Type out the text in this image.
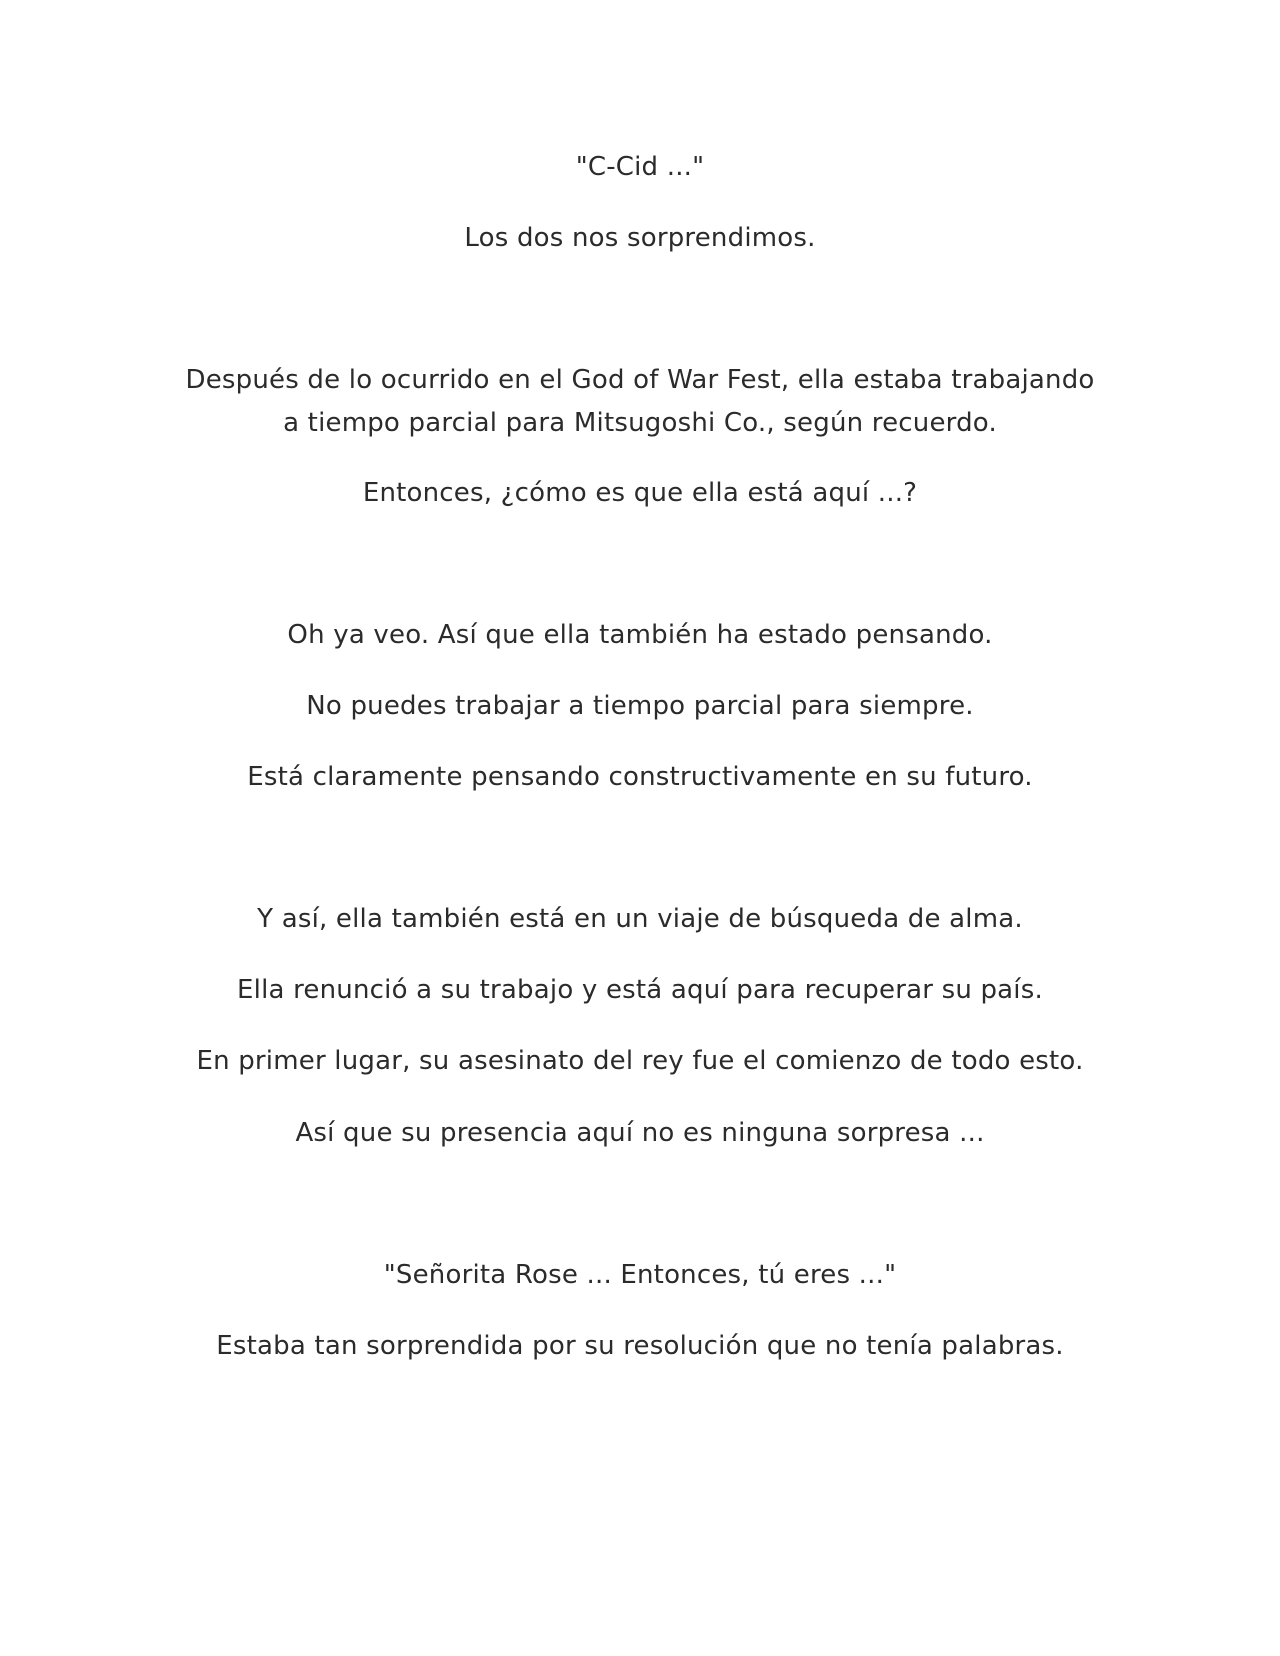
"C-Cid ..."

Los dos nos sorprendimos.

Después de lo ocurrido en el God of War Fest, ella estaba trabajando
a tiempo parcial para Mitsugoshi Co., según recuerdo.

Entonces, ¿cómo es que ella está aquí ...?

Oh ya veo. Así que ella también ha estado pensando.

No puedes trabajar a tiempo parcial para siempre.

Está claramente pensando constructivamente en su futuro.

Y así, ella también está en un viaje de búsqueda de alma.

Ella renunció a su trabajo y está aquí para recuperar su país.

En primer lugar, su asesinato del rey fue el comienzo de todo esto.

Así que su presencia aquí no es ninguna sorpresa ...

"Señorita Rose ... Entonces, tú eres ..."

Estaba tan sorprendida por su resolución que no tenía palabras.
